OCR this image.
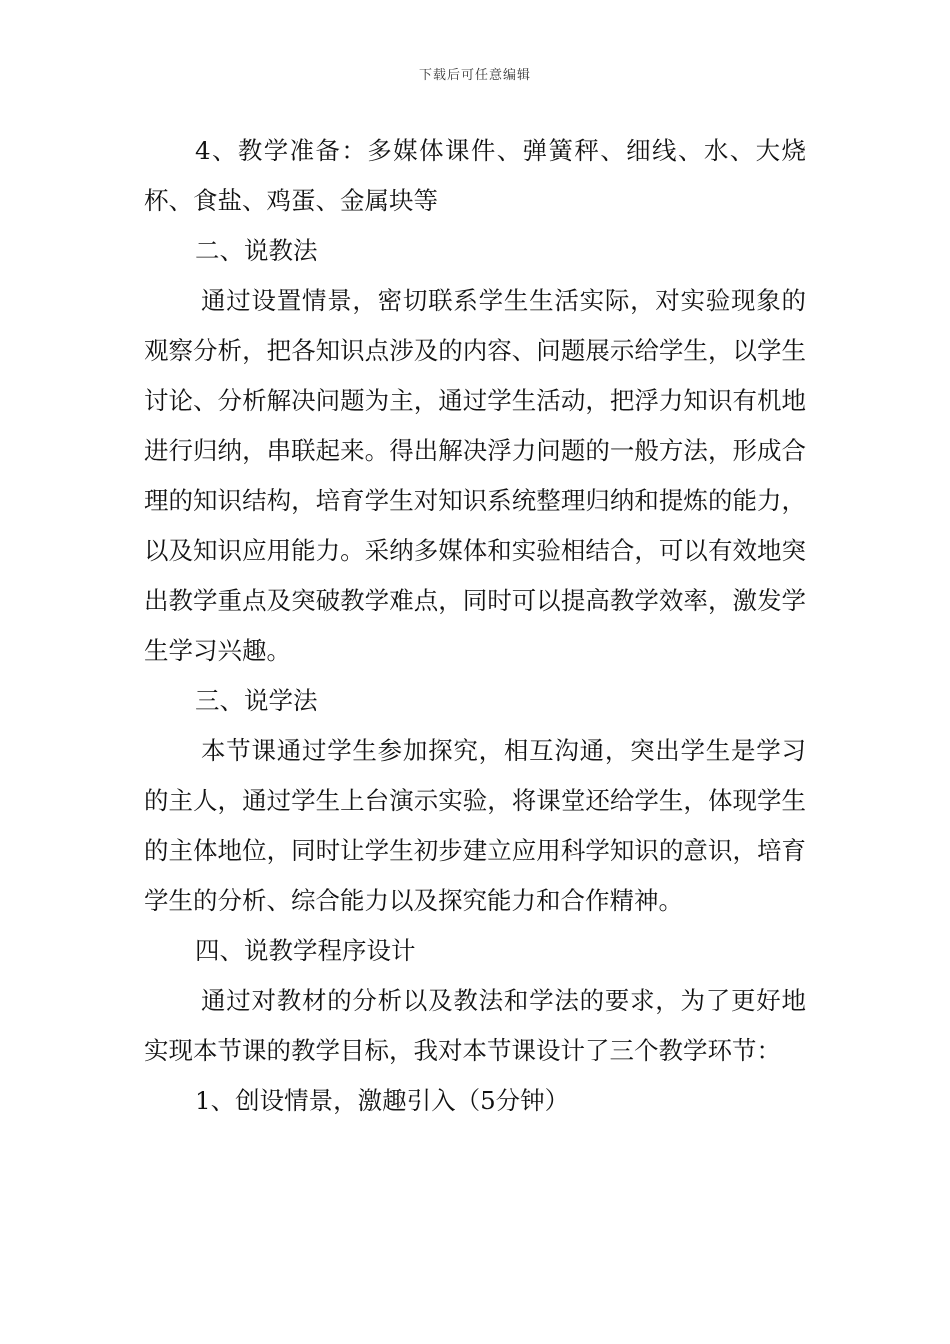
下载后可任意编辑

4、教学准备：多媒体课件、弹簧秤、细线、水、大烧杯、食盐、鸡蛋、金属块等

二、说教法

通过设置情景，密切联系学生生活实际，对实验现象的观察分析，把各知识点涉及的内容、问题展示给学生，以学生讨论、分析解决问题为主，通过学生活动，把浮力知识有机地进行归纳，串联起来。得出解决浮力问题的一般方法，形成合理的知识结构，培育学生对知识系统整理归纳和提炼的能力，以及知识应用能力。采纳多媒体和实验相结合，可以有效地突出教学重点及突破教学难点，同时可以提高教学效率，激发学生学习兴趣。

三、说学法

本节课通过学生参加探究，相互沟通，突出学生是学习的主人，通过学生上台演示实验，将课堂还给学生，体现学生的主体地位，同时让学生初步建立应用科学知识的意识，培育学生的分析、综合能力以及探究能力和合作精神。

四、说教学程序设计

通过对教材的分析以及教法和学法的要求，为了更好地实现本节课的教学目标，我对本节课设计了三个教学环节：

1、创设情景，激趣引入（5分钟）
